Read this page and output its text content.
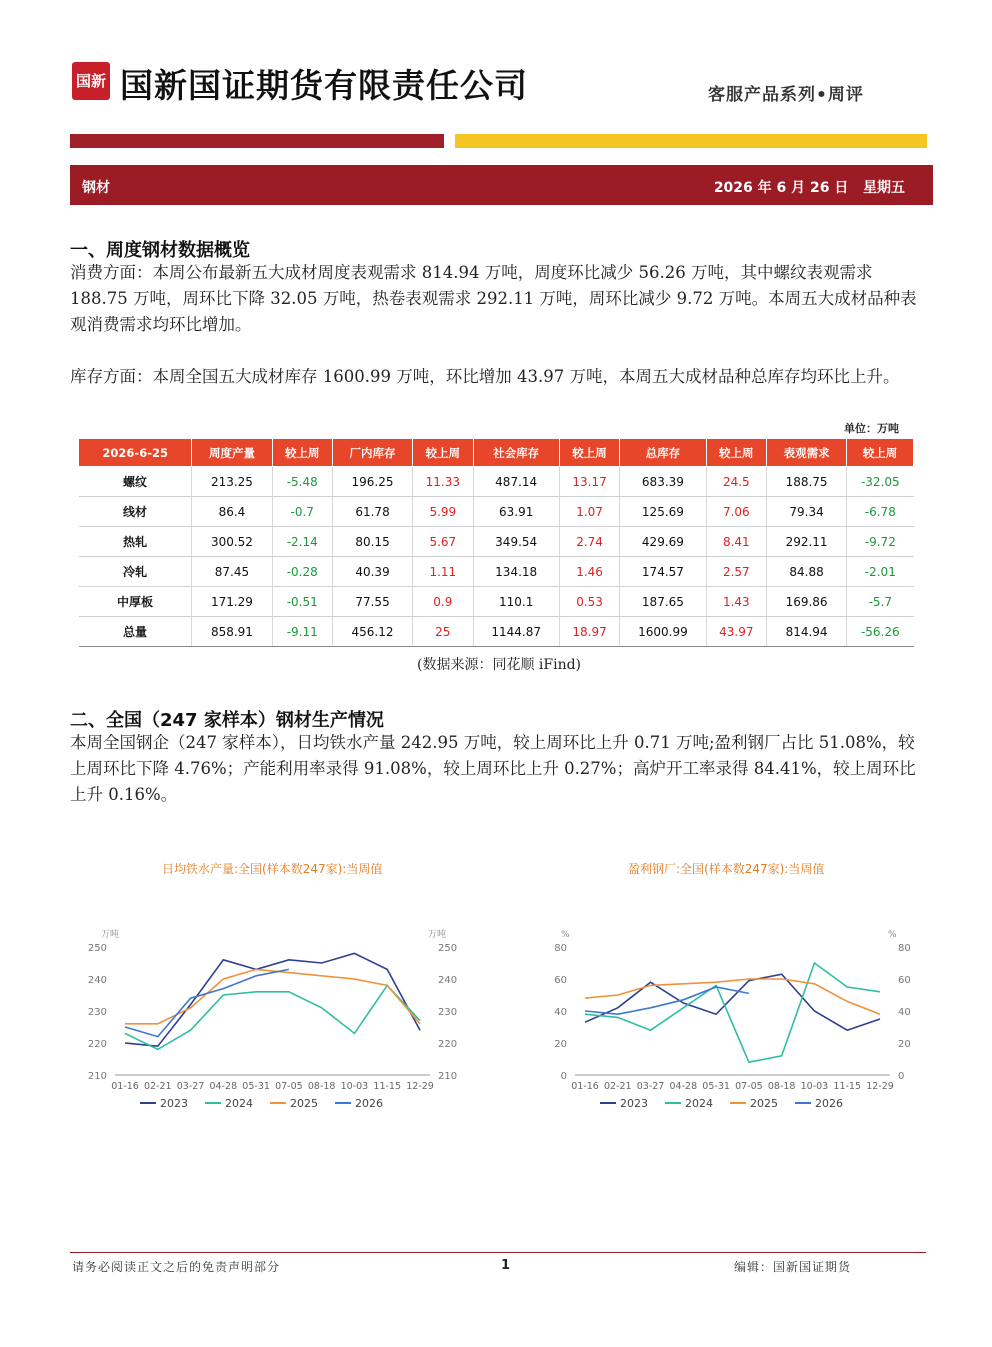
国新 国新国证期货有限责任公司	客服产品系列•周评
钢材	2026 年 6 月 26 日   星期五
一、周度钢材数据概览
消费方面：本周公布最新五大成材周度表观需求 814.94 万吨，周度环比减少 56.26 万吨，其中螺纹表观需求 188.75 万吨，周环比下降 32.05 万吨，热卷表观需求 292.11 万吨，周环比减少 9.72 万吨。本周五大成材品种表观消费需求均环比增加。
库存方面：本周全国五大成材库存 1600.99 万吨，环比增加 43.97 万吨，本周五大成材品种总库存均环比上升。
单位：万吨
2026-6-25	周度产量	较上周	厂内库存	较上周	社会库存	较上周	总库存	较上周	表观需求	较上周
螺纹	213.25	-5.48	196.25	11.33	487.14	13.17	683.39	24.5	188.75	-32.05
线材	86.4	-0.7	61.78	5.99	63.91	1.07	125.69	7.06	79.34	-6.78
热轧	300.52	-2.14	80.15	5.67	349.54	2.74	429.69	8.41	292.11	-9.72
冷轧	87.45	-0.28	40.39	1.11	134.18	1.46	174.57	2.57	84.88	-2.01
中厚板	171.29	-0.51	77.55	0.9	110.1	0.53	187.65	1.43	169.86	-5.7
总量	858.91	-9.11	456.12	25	1144.87	18.97	1600.99	43.97	814.94	-56.26
(数据来源：同花顺 iFind)
二、全国（247 家样本）钢材生产情况
本周全国钢企（247 家样本），日均铁水产量 242.95 万吨，较上周环比上升 0.71 万吨;盈利钢厂占比 51.08%，较上周环比下降 4.76%；产能利用率录得 91.08%，较上周环比上升 0.27%；高炉开工率录得 84.41%，较上周环比上升 0.16%。
日均铁水产量:全国(样本数247家):当周值
万吨	万吨
210	210
220	220
230	230
240	240
250	250
01-16 02-21 03-27 04-28 05-31 07-05 08-18 10-03 11-15 12-29
2023	2024	2025	2026
盈利钢厂:全国(样本数247家):当周值
%	%
0	0
20	20
40	40
60	60
80	80
01-16 02-21 03-27 04-28 05-31 07-05 08-18 10-03 11-15 12-29
2023	2024	2025	2026
请务必阅读正文之后的免责声明部分	1	编辑：国新国证期货
